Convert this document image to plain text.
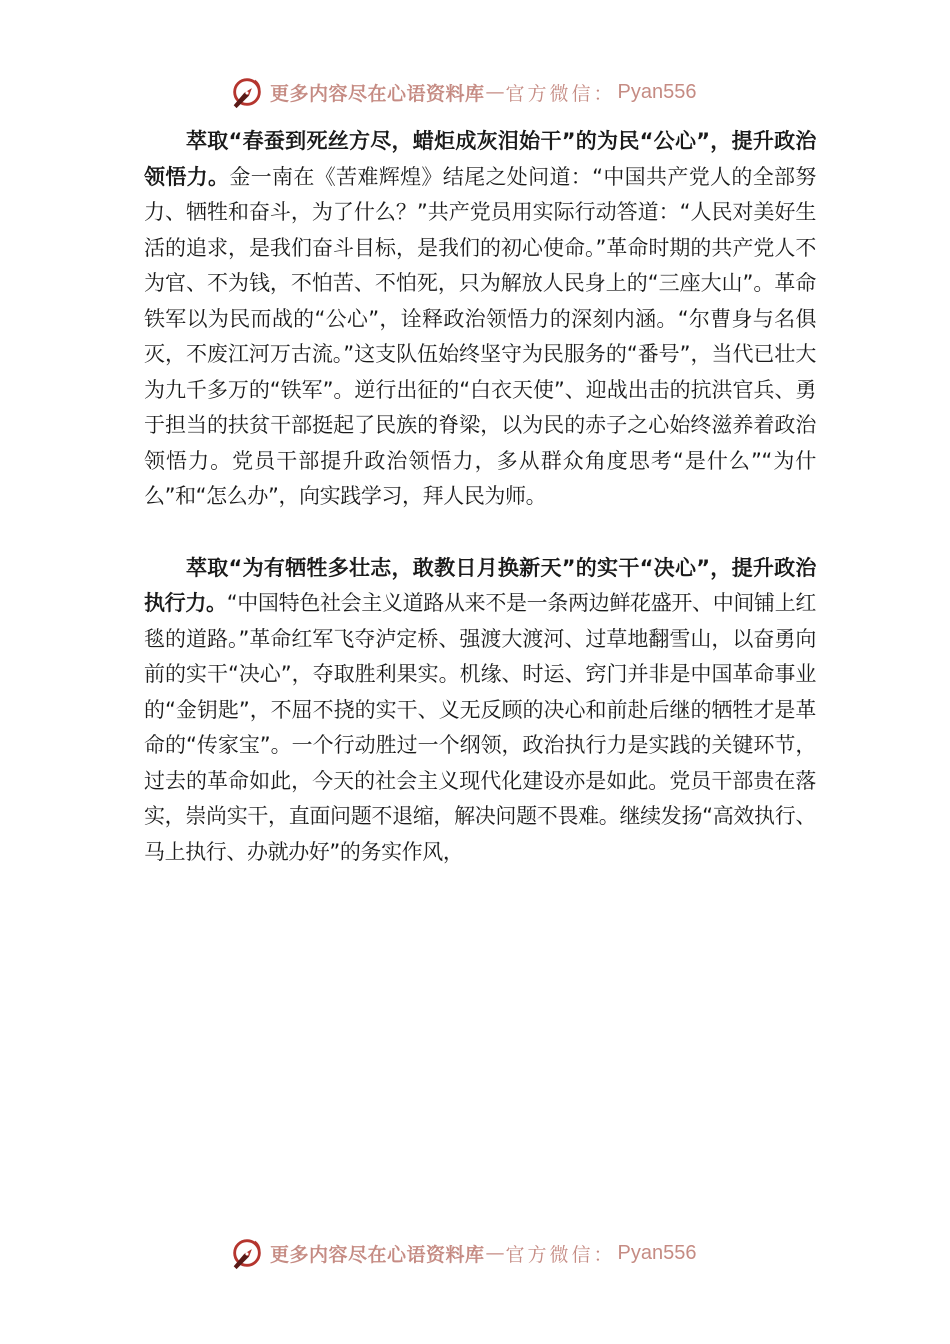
更多内容尽在心语资料库 — 官方微信： Pyan556

萃取“春蚕到死丝方尽，蜡炬成灰泪始干”的为民“公心”，提升政治领悟力。金一南在《苦难辉煌》结尾之处问道：“中国共产党人的全部努力、牺牲和奋斗，为了什么？”共产党员用实际行动答道：“人民对美好生活的追求，是我们奋斗目标，是我们的初心使命。”革命时期的共产党人不为官、不为钱，不怕苦、不怕死，只为解放人民身上的“三座大山”。革命铁军以为民而战的“公心”，诠释政治领悟力的深刻内涵。“尔曹身与名俱灭，不废江河万古流。”这支队伍始终坚守为民服务的“番号”，当代已壮大为九千多万的“铁军”。逆行出征的“白衣天使”、迎战出击的抗洪官兵、勇于担当的扶贫干部挺起了民族的脊梁，以为民的赤子之心始终滋养着政治领悟力。党员干部提升政治领悟力，多从群众角度思考“是什么”“为什么”和“怎么办”，向实践学习，拜人民为师。

萃取“为有牺牲多壮志，敢教日月换新天”的实干“决心”，提升政治执行力。“中国特色社会主义道路从来不是一条两边鲜花盛开、中间铺上红毯的道路。”革命红军飞夺泸定桥、强渡大渡河、过草地翻雪山，以奋勇向前的实干“决心”，夺取胜利果实。机缘、时运、窍门并非是中国革命事业的“金钥匙”，不屈不挠的实干、义无反顾的决心和前赴后继的牺牲才是革命的“传家宝”。一个行动胜过一个纲领，政治执行力是实践的关键环节，过去的革命如此，今天的社会主义现代化建设亦是如此。党员干部贵在落实，崇尚实干，直面问题不退缩，解决问题不畏难。继续发扬“高效执行、马上执行、办就办好”的务实作风，

更多内容尽在心语资料库 — 官方微信： Pyan556
